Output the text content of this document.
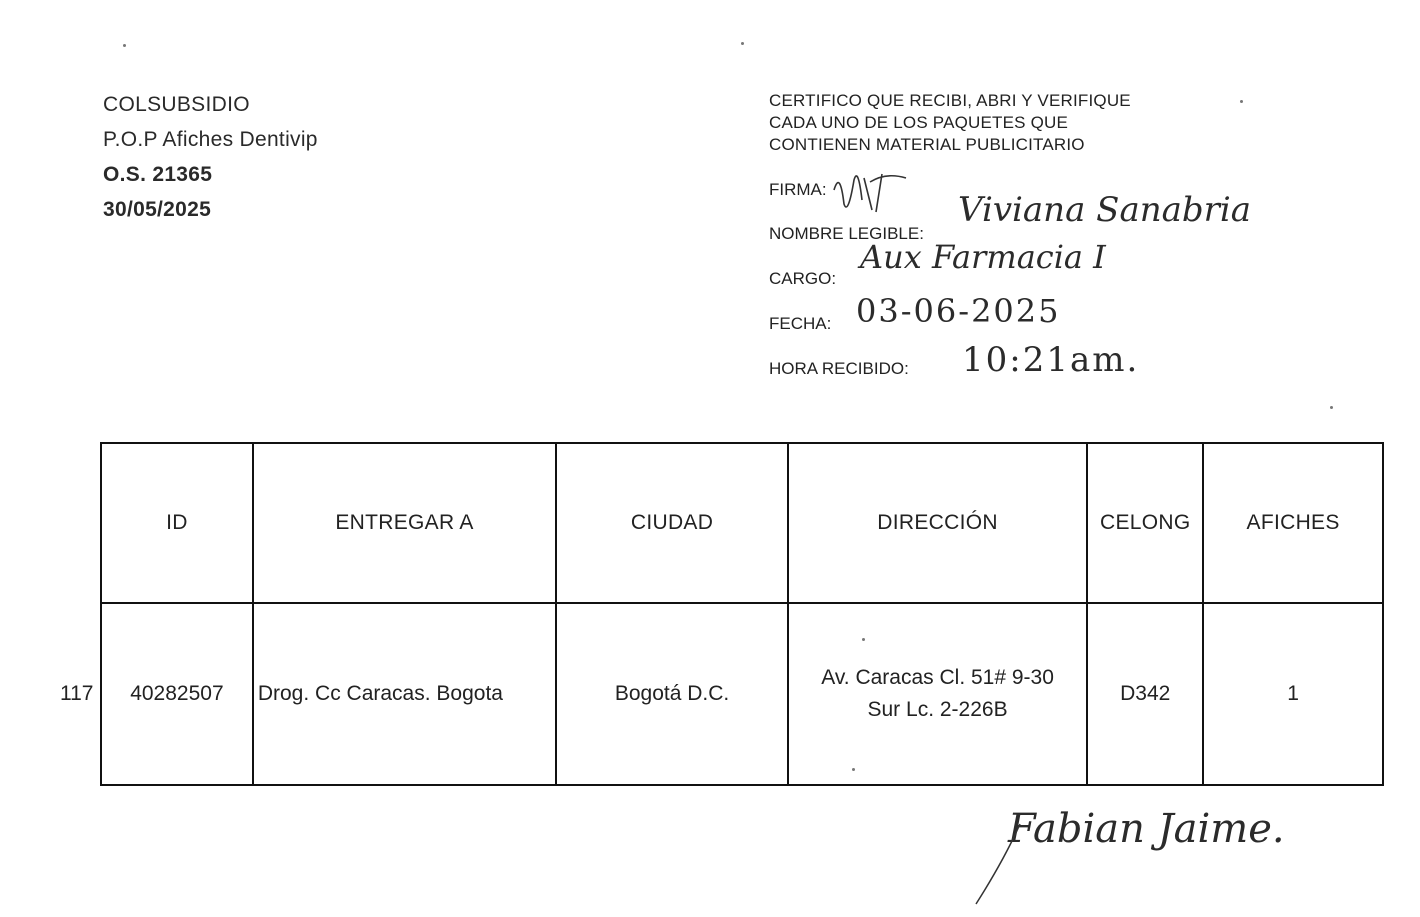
COLSUBSIDIO
P.O.P Afiches Dentivip
O.S. 21365
30/05/2025
CERTIFICO QUE RECIBI, ABRI Y VERIFIQUE
CADA UNO DE LOS PAQUETES QUE
CONTIENEN MATERIAL PUBLICITARIO
FIRMA:
NOMBRE LEGIBLE:
Viviana Sanabria
CARGO:
Aux Farmacia I
FECHA: 03-06-2025
HORA RECIBIDO: 10:21am.
117
ID	ENTREGAR A	CIUDAD	DIRECCIÓN	CELONG	AFICHES
40282507	Drog. Cc Caracas. Bogota	Bogotá D.C.	Av. Caracas Cl. 51# 9-30
Sur Lc. 2-226B	D342	1
Fabian Jaime.
